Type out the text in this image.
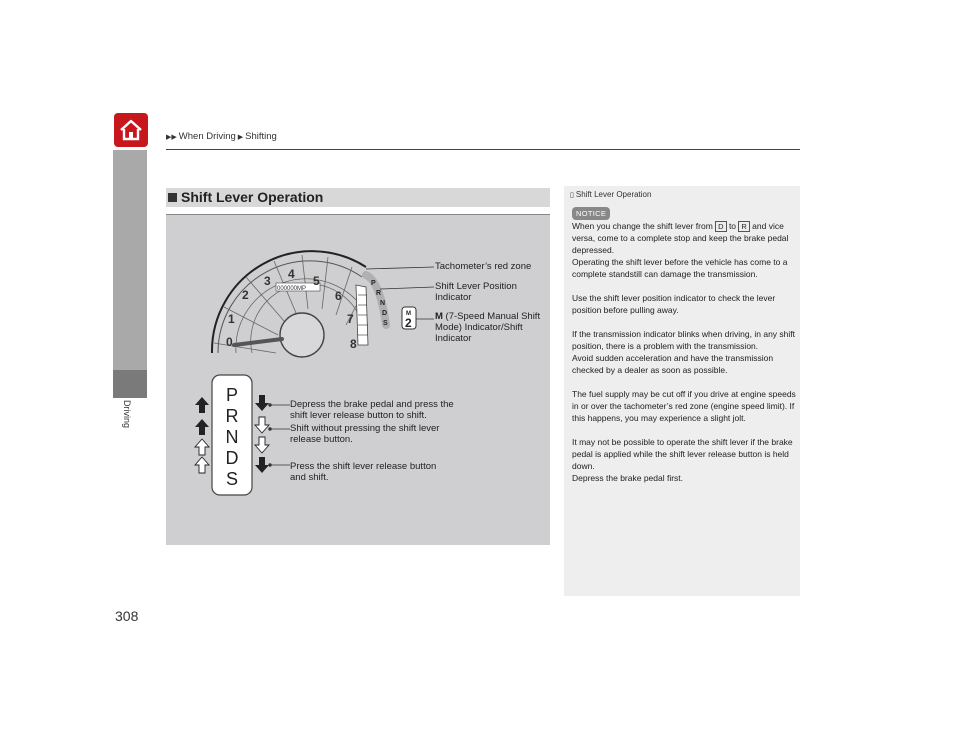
▶▶ When Driving ▶ Shifting
Driving
308
Shift Lever Operation
0
1
2
3 4 5
6
7
8
000000MP
P
R
N
D
S
M
2
P
R
N
D
S
Tachometer’s red zone
Shift Lever Position
Indicator
M (7-Speed Manual Shift
Mode) Indicator/Shift
Indicator
Depress the brake pedal and press the
shift lever release button to shift.
Shift without pressing the shift lever
release button.
Press the shift lever release button
and shift.
▯ Shift Lever Operation
NOTICE

When you change the shift lever from D to R and vice versa, come to a complete stop and keep the brake pedal depressed.
Operating the shift lever before the vehicle has come to a complete standstill can damage the transmission.

Use the shift lever position indicator to check the lever position before pulling away.

If the transmission indicator blinks when driving, in any shift position, there is a problem with the transmission.
Avoid sudden acceleration and have the transmission checked by a dealer as soon as possible.

The fuel supply may be cut off if you drive at engine speeds in or over the tachometer’s red zone (engine speed limit). If this happens, you may experience a slight jolt.

It may not be possible to operate the shift lever if the brake pedal is applied while the shift lever release button is held down.
Depress the brake pedal first.
